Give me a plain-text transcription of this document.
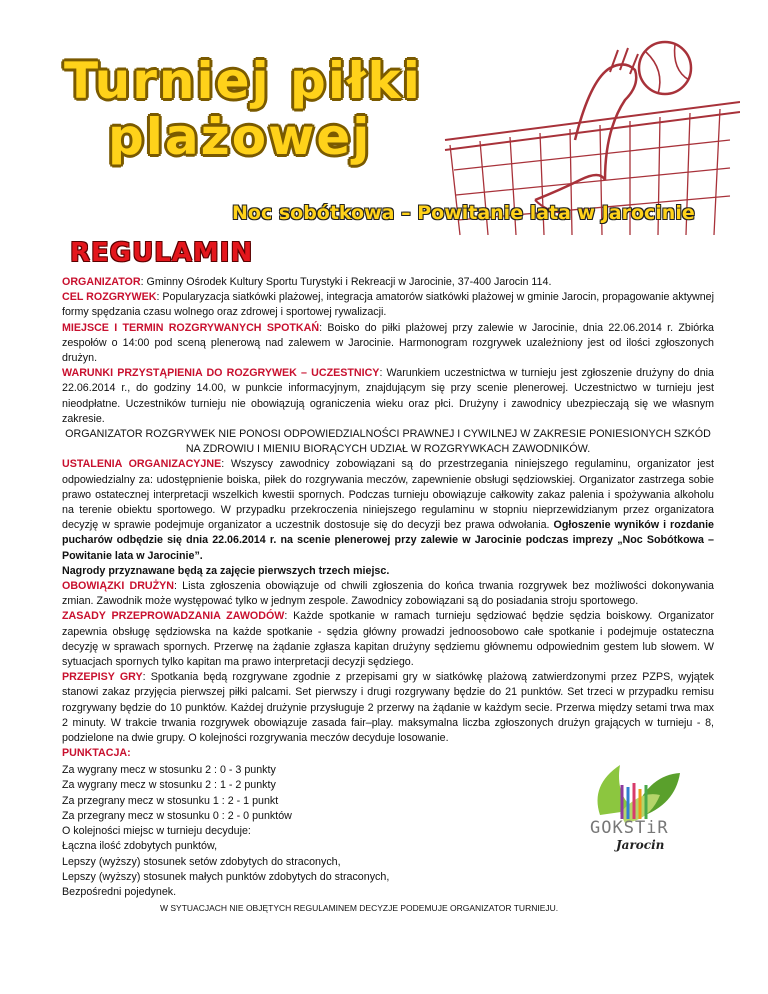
Turniej piłki
plażowej
Noc sobótkowa – Powitanie lata w Jarocinie
REGULAMIN

ORGANIZATOR: Gminny Ośrodek Kultury Sportu Turystyki i Rekreacji w Jarocinie, 37-400 Jarocin 114.

CEL ROZGRYWEK: Popularyzacja siatkówki plażowej, integracja amatorów siatkówki plażowej w gminie Jarocin, propagowanie aktywnej formy spędzania czasu wolnego oraz zdrowej i sportowej rywalizacji.

MIEJSCE I TERMIN ROZGRYWANYCH SPOTKAŃ: Boisko do piłki plażowej przy zalewie w Jarocinie, dnia 22.06.2014 r. Zbiórka zespołów o 14:00 pod sceną plenerową nad zalewem w Jarocinie. Harmonogram rozgrywek uzależniony jest od ilości zgłoszonych drużyn.

WARUNKI PRZYSTĄPIENIA DO ROZGRYWEK – UCZESTNICY: Warunkiem uczestnictwa w turnieju jest zgłoszenie drużyny do dnia 22.06.2014 r., do godziny 14.00, w punkcie informacyjnym, znajdującym się przy scenie plenerowej. Uczestnictwo w turnieju jest nieodpłatne. Uczestników turnieju nie obowiązują ograniczenia wieku oraz płci. Drużyny i zawodnicy ubezpieczają się we własnym zakresie.

ORGANIZATOR ROZGRYWEK NIE PONOSI ODPOWIEDZIALNOŚCI PRAWNEJ I CYWILNEJ W ZAKRESIE PONIESIONYCH SZKÓD NA ZDROWIU I MIENIU BIORĄCYCH UDZIAŁ W ROZGRYWKACH ZAWODNIKÓW.

USTALENIA ORGANIZACYJNE: Wszyscy zawodnicy zobowiązani są do przestrzegania niniejszego regulaminu, organizator jest odpowiedzialny za: udostępnienie boiska, piłek do rozgrywania meczów, zapewnienie obsługi sędziowskiej. Organizator zastrzega sobie prawo ostatecznej interpretacji wszelkich kwestii spornych. Podczas turnieju obowiązuje całkowity zakaz palenia i spożywania alkoholu na terenie obiektu sportowego. W przypadku przekroczenia niniejszego regulaminu w stopniu nieprzewidzianym przez organizatora decyzję w sprawie podejmuje organizator a uczestnik dostosuje się do decyzji bez prawa odwołania. Ogłoszenie wyników i rozdanie pucharów odbędzie się dnia 22.06.2014 r. na scenie plenerowej przy zalewie w Jarocinie podczas imprezy „Noc Sobótkowa – Powitanie lata w Jarocinie”.

Nagrody przyznawane będą za zajęcie pierwszych trzech miejsc.

OBOWIĄZKI DRUŻYN: Lista zgłoszenia obowiązuje od chwili zgłoszenia do końca trwania rozgrywek bez możliwości dokonywania zmian. Zawodnik może występować tylko w jednym zespole. Zawodnicy zobowiązani są do posiadania stroju sportowego.

ZASADY PRZEPROWADZANIA ZAWODÓW: Każde spotkanie w ramach turnieju sędziować będzie sędzia boiskowy. Organizator zapewnia obsługę sędziowska na każde spotkanie - sędzia główny prowadzi jednoosobowo całe spotkanie i podejmuje ostateczna decyzję w sprawach spornych. Przerwę na żądanie zgłasza kapitan drużyny sędziemu głównemu odpowiednim gestem lub słowem. W sytuacjach spornych tylko kapitan ma prawo interpretacji decyzji sędziego.

PRZEPISY GRY: Spotkania będą rozgrywane zgodnie z przepisami gry w siatkówkę plażową zatwierdzonymi przez PZPS, wyjątek stanowi zakaz przyjęcia pierwszej piłki palcami. Set pierwszy i drugi rozgrywany będzie do 21 punktów. Set trzeci w przypadku remisu rozgrywany będzie do 10 punktów. Każdej drużynie przysługuje 2 przerwy na żądanie w każdym secie. Przerwa między setami trwa max 2 minuty. W trakcie trwania rozgrywek obowiązuje zasada fair–play. maksymalna liczba zgłoszonych drużyn grających w turnieju - 8, podzielone na dwie grupy. O kolejności rozgrywania meczów decyduje losowanie.

PUNKTACJA:

Za wygrany mecz w stosunku 2 : 0 - 3 punkty
Za wygrany mecz w stosunku 2 : 1 - 2 punkty
Za przegrany mecz w stosunku 1 : 2 - 1 punkt
Za przegrany mecz w stosunku 0 : 2 - 0 punktów
O kolejności miejsc w turnieju decyduje:
Łączna ilość zdobytych punktów,
Lepszy (wyższy) stosunek setów zdobytych do straconych,
Lepszy (wyższy) stosunek małych punktów zdobytych do straconych,
Bezpośredni pojedynek.
GOKSTiR
Jarocin
W SYTUACJACH NIE OBJĘTYCH REGULAMINEM DECYZJE PODEMUJE ORGANIZATOR TURNIEJU.
